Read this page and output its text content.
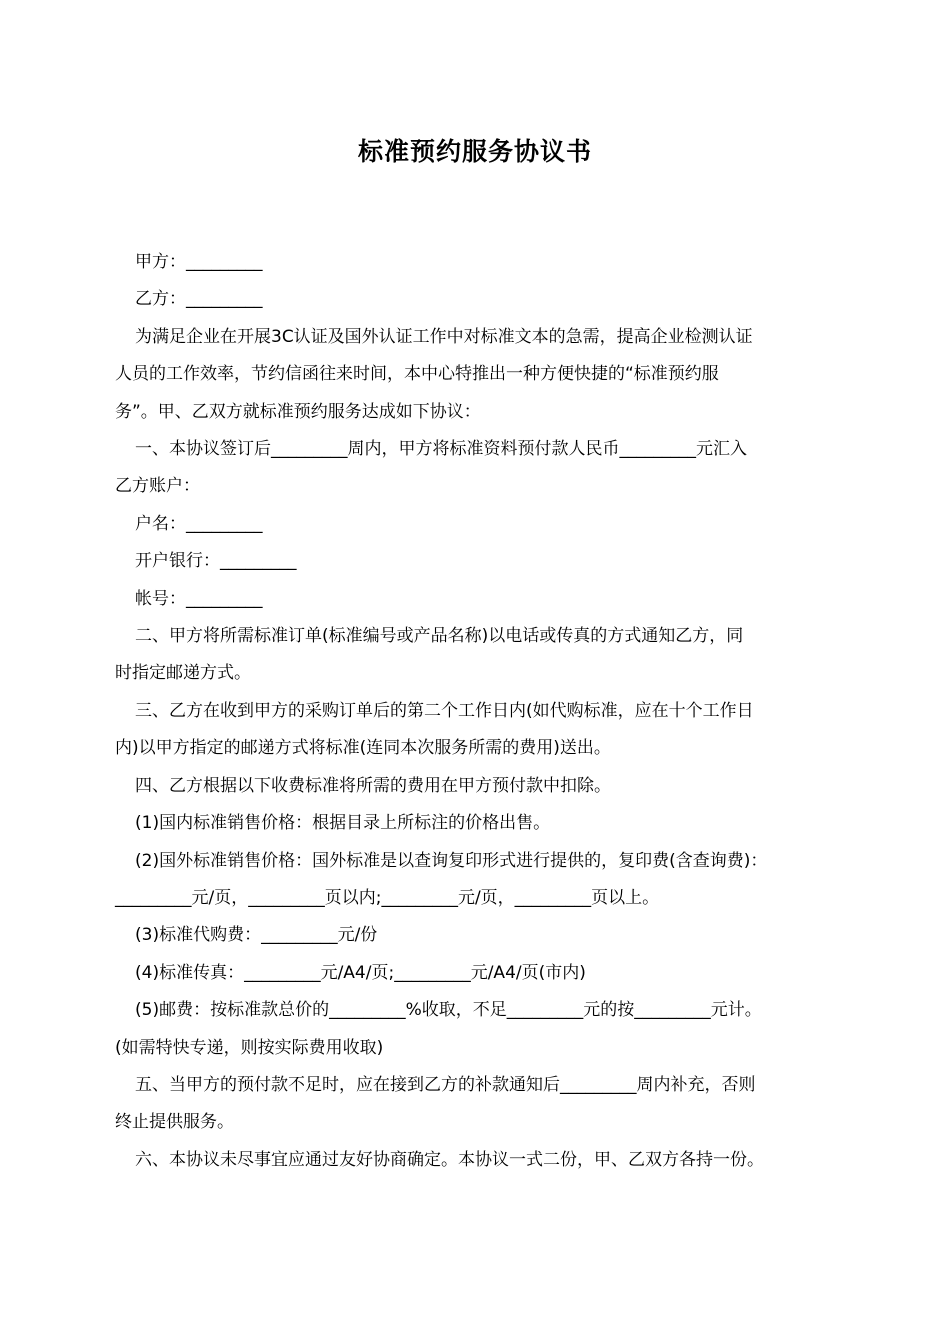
标准预约服务协议书

甲方：_________

乙方：_________

为满足企业在开展3C认证及国外认证工作中对标准文本的急需，提高企业检测认证

人员的工作效率，节约信函往来时间，本中心特推出一种方便快捷的“标准预约服

务”。甲、乙双方就标准预约服务达成如下协议：

一、本协议签订后_________周内，甲方将标准资料预付款人民币_________元汇入

乙方账户：

户名：_________

开户银行：_________

帐号：_________

二、甲方将所需标准订单(标准编号或产品名称)以电话或传真的方式通知乙方，同

时指定邮递方式。

三、乙方在收到甲方的采购订单后的第二个工作日内(如代购标准，应在十个工作日

内)以甲方指定的邮递方式将标准(连同本次服务所需的费用)送出。

四、乙方根据以下收费标准将所需的费用在甲方预付款中扣除。

(1)国内标准销售价格：根据目录上所标注的价格出售。

(2)国外标准销售价格：国外标准是以查询复印形式进行提供的，复印费(含查询费)：

_________元/页，_________页以内;_________元/页，_________页以上。

(3)标准代购费：_________元/份

(4)标准传真：_________元/A4/页;_________元/A4/页(市内)

(5)邮费：按标准款总价的_________%收取，不足_________元的按_________元计。

(如需特快专递，则按实际费用收取)

五、当甲方的预付款不足时，应在接到乙方的补款通知后_________周内补充，否则

终止提供服务。

六、本协议未尽事宜应通过友好协商确定。本协议一式二份，甲、乙双方各持一份。
